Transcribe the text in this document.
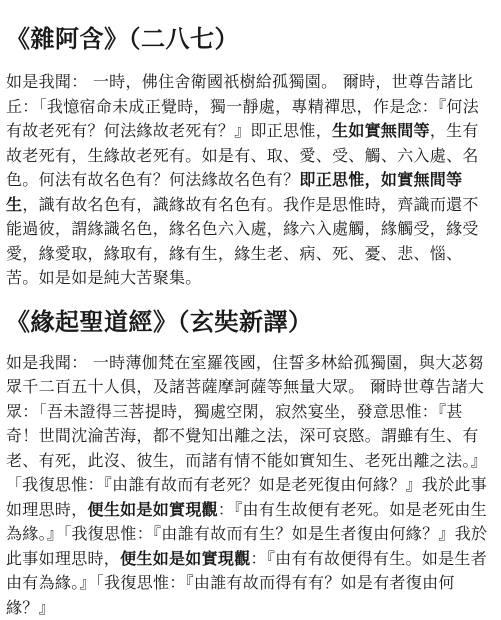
《雜阿含》（二八七）

如是我聞： 一時，佛住舍衛國祇樹給孤獨園。 爾時，世尊告諸比丘：「我憶宿命未成正覺時，獨一靜處，專精禪思，作是念：『何法有故老死有？何法緣故老死有？』即正思惟，生如實無間等，生有故老死有，生緣故老死有。如是有、取、愛、受、觸、六入處、名色。何法有故名色有？何法緣故名色有？即正思惟，如實無間等生，識有故名色有，識緣故有名色有。我作是思惟時，齊識而還不能過彼，謂緣識名色，緣名色六入處，緣六入處觸，緣觸受，緣受愛，緣愛取，緣取有，緣有生，緣生老、病、死、憂、悲、惱、苦。如是如是純大苦聚集。

《緣起聖道經》（玄奘新譯）

如是我聞： 一時薄伽梵在室羅筏國，住誓多林給孤獨園，與大苾芻眾千二百五十人俱，及諸菩薩摩訶薩等無量大眾。 爾時世尊告諸大眾：「吾未證得三菩提時，獨處空閑，寂然宴坐，發意思惟：『甚奇！世間沈淪苦海，都不覺知出離之法，深可哀愍。謂雖有生、有老、有死，此沒、彼生，而諸有情不能如實知生、老死出離之法。』「我復思惟：『由誰有故而有老死？如是老死復由何緣？』我於此事如理思時，便生如是如實現觀：『由有生故便有老死。如是老死由生為緣。』「我復思惟：『由誰有故而有生？如是生者復由何緣？』我於此事如理思時，便生如是如實現觀：『由有有故便得有生。如是生者由有為緣。』「我復思惟：『由誰有故而得有有？如是有者復由何緣？』
